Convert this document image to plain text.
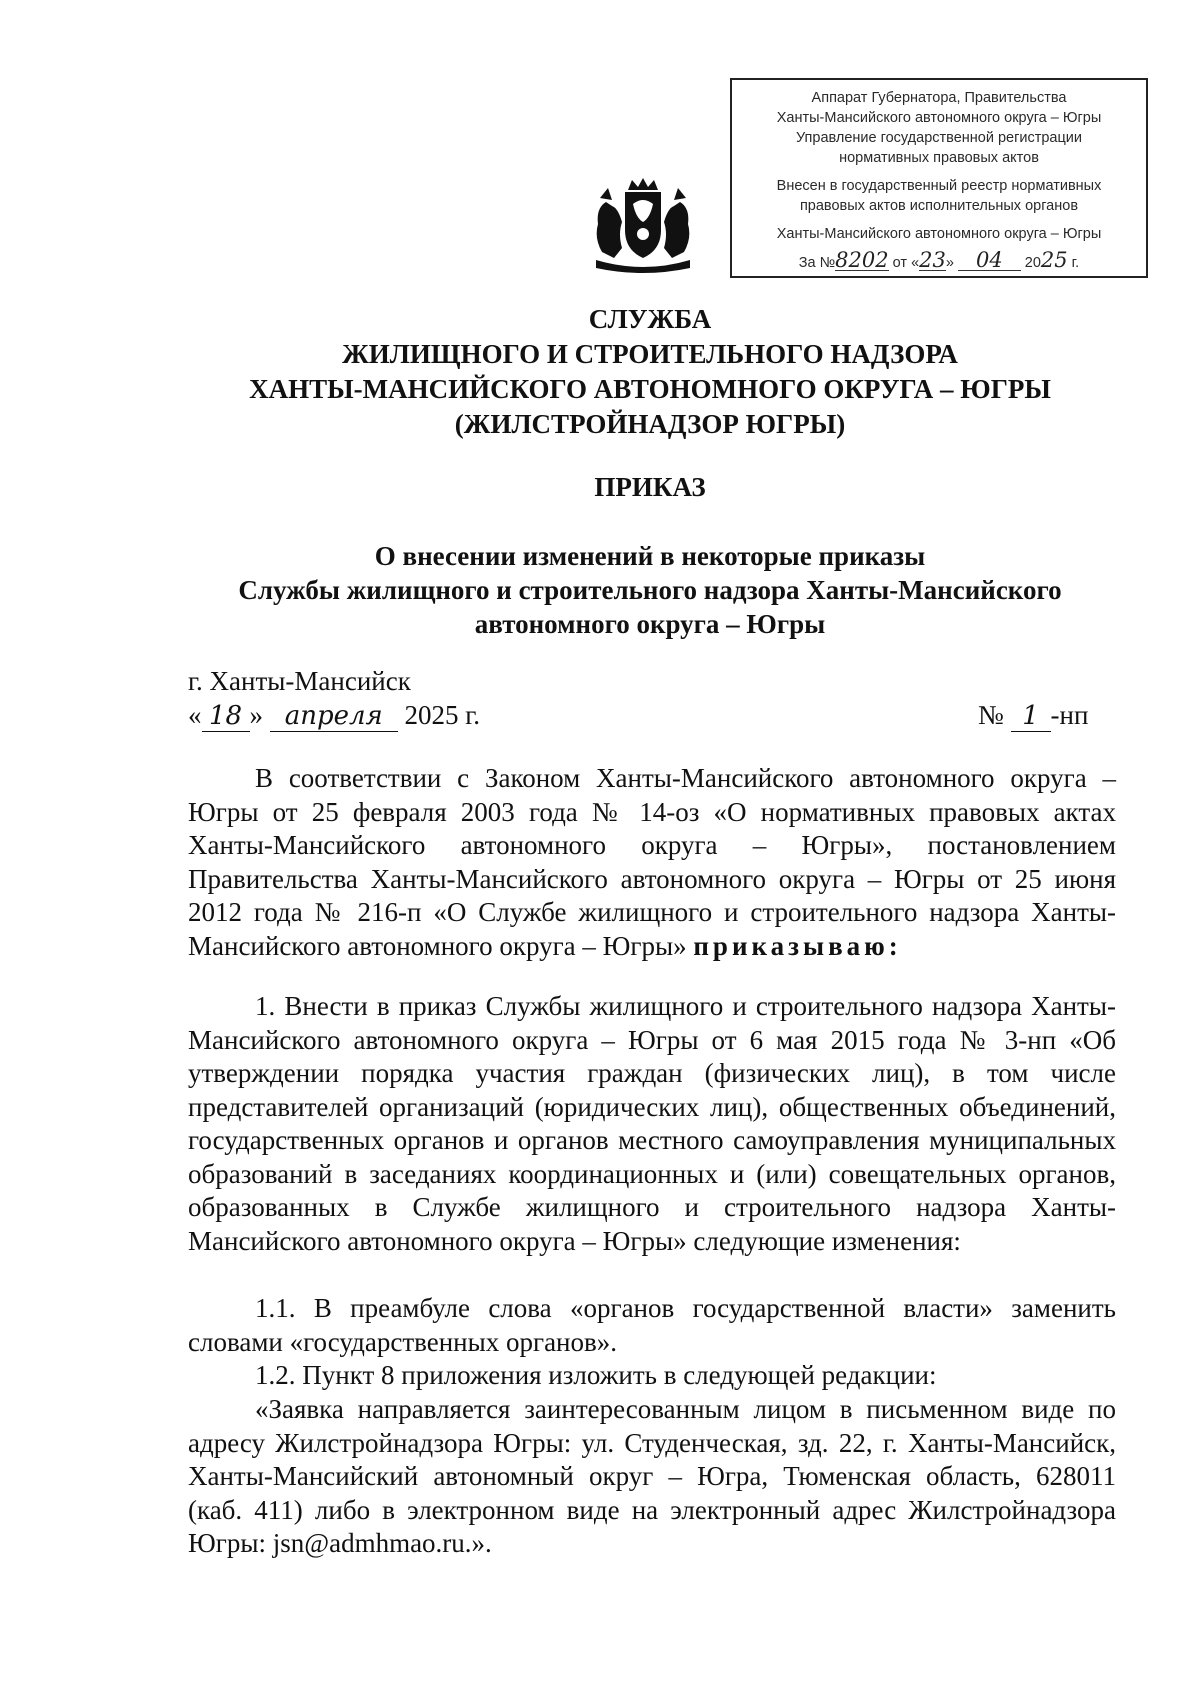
Аппарат Губернатора, Правительства
Ханты-Мансийского автономного округа – Югры
Управление государственной регистрации
нормативных правовых актов
Внесен в государственный реестр нормативных
правовых актов исполнительных органов
Ханты-Мансийского автономного округа – Югры
За №8202 от «23» 04 2025 г.
СЛУЖБА
ЖИЛИЩНОГО И СТРОИТЕЛЬНОГО НАДЗОРА
ХАНТЫ-МАНСИЙСКОГО АВТОНОМНОГО ОКРУГА – ЮГРЫ
(ЖИЛСТРОЙНАДЗОР ЮГРЫ)
ПРИКАЗ
О внесении изменений в некоторые приказы
Службы жилищного и строительного надзора Ханты-Мансийского
автономного округа – Югры
г. Ханты-Мансийск
« 18 » апреля 2025 г.	№ 1 -нп
В соответствии с Законом Ханты-Мансийского автономного округа – Югры от 25 февраля 2003 года № 14-оз «О нормативных правовых актах Ханты-Мансийского автономного округа – Югры», постановлением Правительства Ханты-Мансийского автономного округа – Югры от 25 июня 2012 года № 216-п «О Службе жилищного и строительного надзора Ханты-Мансийского автономного округа – Югры» приказываю:
1. Внести в приказ Службы жилищного и строительного надзора Ханты-Мансийского автономного округа – Югры от 6 мая 2015 года № 3-нп «Об утверждении порядка участия граждан (физических лиц), в том числе представителей организаций (юридических лиц), общественных объединений, государственных органов и органов местного самоуправления муниципальных образований в заседаниях координационных и (или) совещательных органов, образованных в Службе жилищного и строительного надзора Ханты-Мансийского автономного округа – Югры» следующие изменения:
1.1. В преамбуле слова «органов государственной власти» заменить словами «государственных органов».
1.2. Пункт 8 приложения изложить в следующей редакции:
«Заявка направляется заинтересованным лицом в письменном виде по адресу Жилстройнадзора Югры: ул. Студенческая, зд. 22, г. Ханты-Мансийск, Ханты-Мансийский автономный округ – Югра, Тюменская область, 628011 (каб. 411) либо в электронном виде на электронный адрес Жилстройнадзора Югры: jsn@admhmao.ru.».
